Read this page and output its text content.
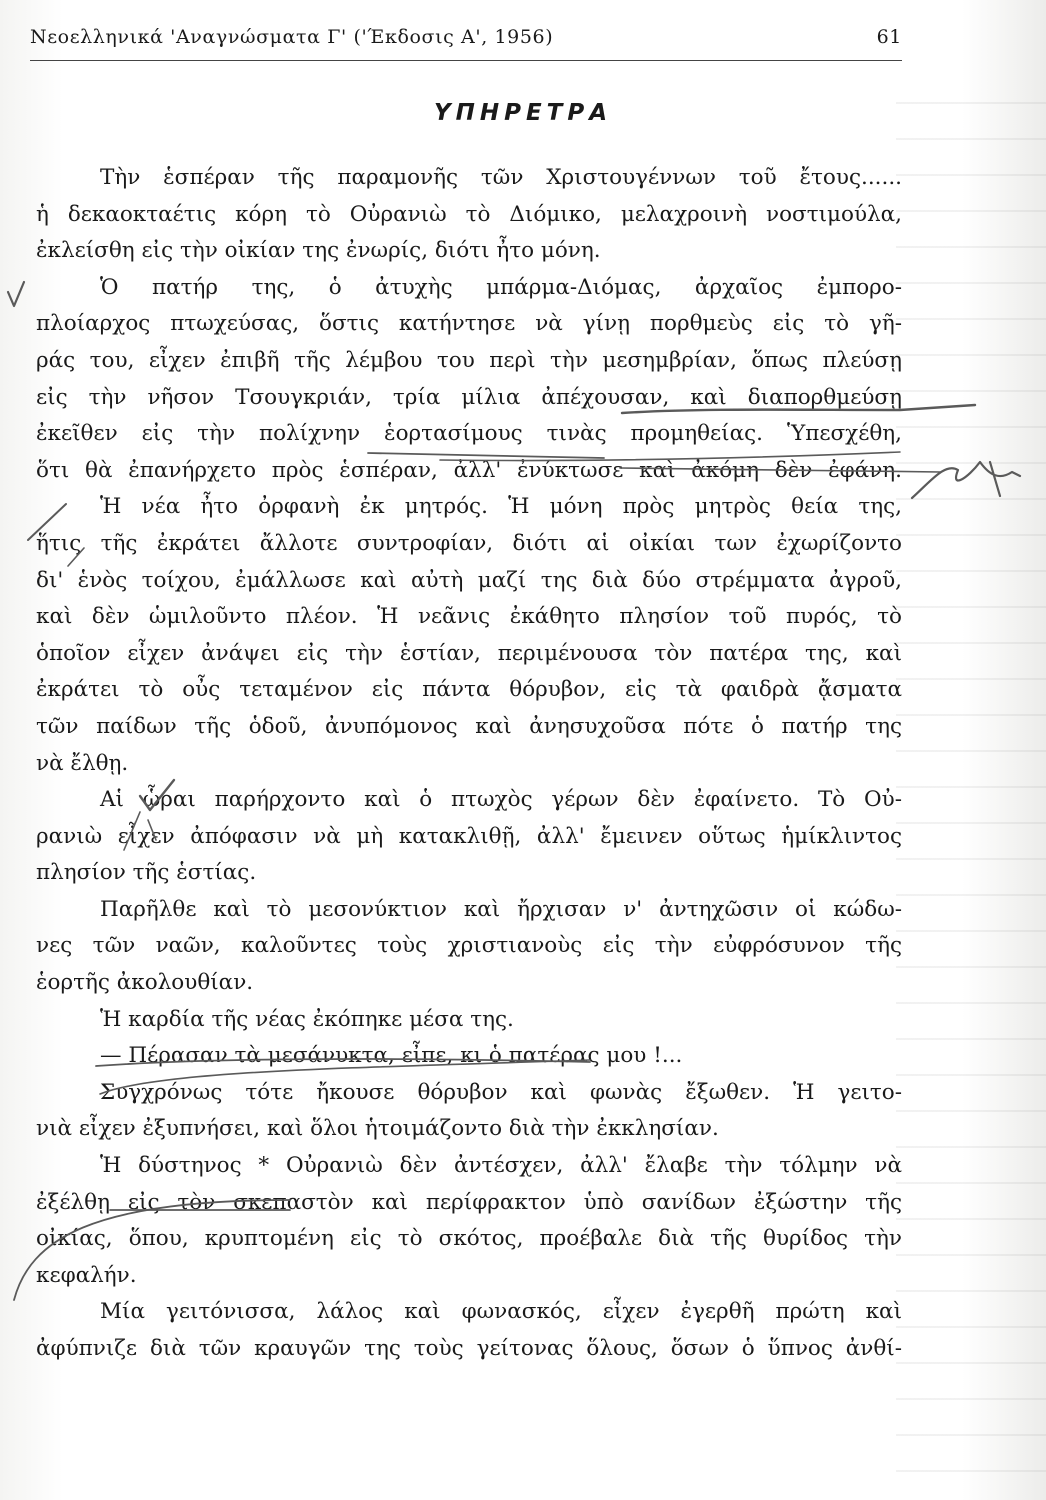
Νεοελληνικά 'Αναγνώσματα Γ' ('Έκδοσις Α', 1956)	61
ΥΠΗΡΕΤΡΑ
Τὴν ἑσπέραν τῆς παραμονῆς τῶν Χριστουγέννων τοῦ ἔτους......
ἡ δεκαοκταέτις κόρη τὸ Οὐρανιὼ τὸ Διόμικο, μελαχροινὴ νοστιμούλα,
ἐκλείσθη εἰς τὴν οἰκίαν της ἐνωρίς, διότι ἦτο μόνη.
Ὁ πατήρ της, ὁ ἀτυχὴς μπάρμα-Διόμας, ἀρχαῖος ἐμπορο-
πλοίαρχος πτωχεύσας, ὅστις κατήντησε νὰ γίνῃ πορθμεὺς εἰς τὸ γῆ-
ράς του, εἶχεν ἐπιβῆ τῆς λέμβου του περὶ τὴν μεσημβρίαν, ὅπως πλεύσῃ
εἰς τὴν νῆσον Τσουγκριάν, τρία μίλια ἀπέχουσαν, καὶ διαπορθμεύσῃ
ἐκεῖθεν εἰς τὴν πολίχνην ἑορτασίμους τινὰς προμηθείας. Ὑπεσχέθη,
ὅτι θὰ ἐπανήρχετο πρὸς ἑσπέραν, ἀλλ' ἐνύκτωσε καὶ ἀκόμη δὲν ἐφάνη.
Ἡ νέα ἦτο ὀρφανὴ ἐκ μητρός. Ἡ μόνη πρὸς μητρὸς θεία της,
ἥτις τῆς ἐκράτει ἄλλοτε συντροφίαν, διότι αἱ οἰκίαι των ἐχωρίζοντο
δι' ἑνὸς τοίχου, ἐμάλλωσε καὶ αὐτὴ μαζί της διὰ δύο στρέμματα ἀγροῦ,
καὶ δὲν ὡμιλοῦντο πλέον. Ἡ νεᾶνις ἐκάθητο πλησίον τοῦ πυρός, τὸ
ὁποῖον εἶχεν ἀνάψει εἰς τὴν ἑστίαν, περιμένουσα τὸν πατέρα της, καὶ
ἐκράτει τὸ οὖς τεταμένον εἰς πάντα θόρυβον, εἰς τὰ φαιδρὰ ᾄσματα
τῶν παίδων τῆς ὁδοῦ, ἀνυπόμονος καὶ ἀνησυχοῦσα πότε ὁ πατήρ της
νὰ ἔλθῃ.
Αἱ ὧραι παρήρχοντο καὶ ὁ πτωχὸς γέρων δὲν ἐφαίνετο. Τὸ Οὐ-
ρανιὼ εἶχεν ἀπόφασιν νὰ μὴ κατακλιθῇ, ἀλλ' ἔμεινεν οὕτως ἡμίκλιντος
πλησίον τῆς ἑστίας.
Παρῆλθε καὶ τὸ μεσονύκτιον καὶ ἤρχισαν ν' ἀντηχῶσιν οἱ κώδω-
νες τῶν ναῶν, καλοῦντες τοὺς χριστιανοὺς εἰς τὴν εὐφρόσυνον τῆς
ἑορτῆς ἀκολουθίαν.
Ἡ καρδία τῆς νέας ἐκόπηκε μέσα της.
— Πέρασαν τὰ μεσάνυκτα, εἶπε, κι ὁ πατέρας μου !...
Συγχρόνως τότε ἤκουσε θόρυβον καὶ φωνὰς ἔξωθεν. Ἡ γειτο-
νιὰ εἶχεν ἐξυπνήσει, καὶ ὅλοι ἡτοιμάζοντο διὰ τὴν ἐκκλησίαν.
Ἡ δύστηνος * Οὐρανιὼ δὲν ἀντέσχεν, ἀλλ' ἔλαβε τὴν τόλμην νὰ
ἐξέλθῃ εἰς τὸν σκεπαστὸν καὶ περίφρακτον ὑπὸ σανίδων ἐξώστην τῆς
οἰκίας, ὅπου, κρυπτομένη εἰς τὸ σκότος, προέβαλε διὰ τῆς θυρίδος τὴν
κεφαλήν.
Μία γειτόνισσα, λάλος καὶ φωνασκός, εἶχεν ἐγερθῆ πρώτη καὶ
ἀφύπνιζε διὰ τῶν κραυγῶν της τοὺς γείτονας ὅλους, ὅσων ὁ ὕπνος ἀνθί-
